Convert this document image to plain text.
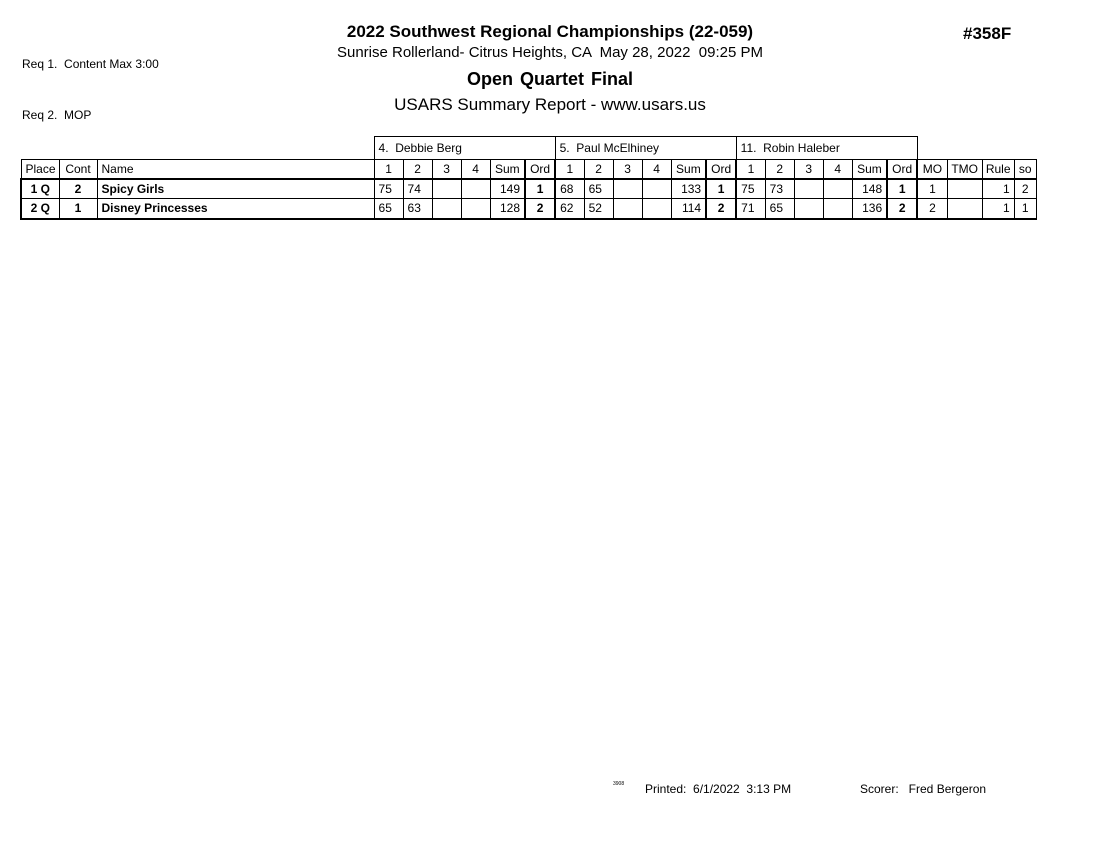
Req 1.  Content Max 3:00

Req 2.  MOP

2022 Southwest Regional Championships (22-059)
Sunrise Rollerland- Citrus Heights, CA  May 28, 2022  09:25 PM
Open Quartet Final
USARS Summary Report - www.usars.us
#358F
			4.  Debbie Berg						5.  Paul McElhiney						11.  Robin Haleber									
Place	Cont	Name	1	2	3	4	Sum	Ord	1	2	3	4	Sum	Ord	1	2	3	4	Sum	Ord	MO	TMO	Rule	so
1 Q	2	Spicy Girls	75	74			149	1	68	65			133	1	75	73			148	1	1		1	2
2 Q	1	Disney Princesses	65	63			128	2	62	52			114	2	71	65			136	2	2		1	1
3908 Printed:  6/1/2022  3:13 PM	Scorer:   Fred Bergeron
